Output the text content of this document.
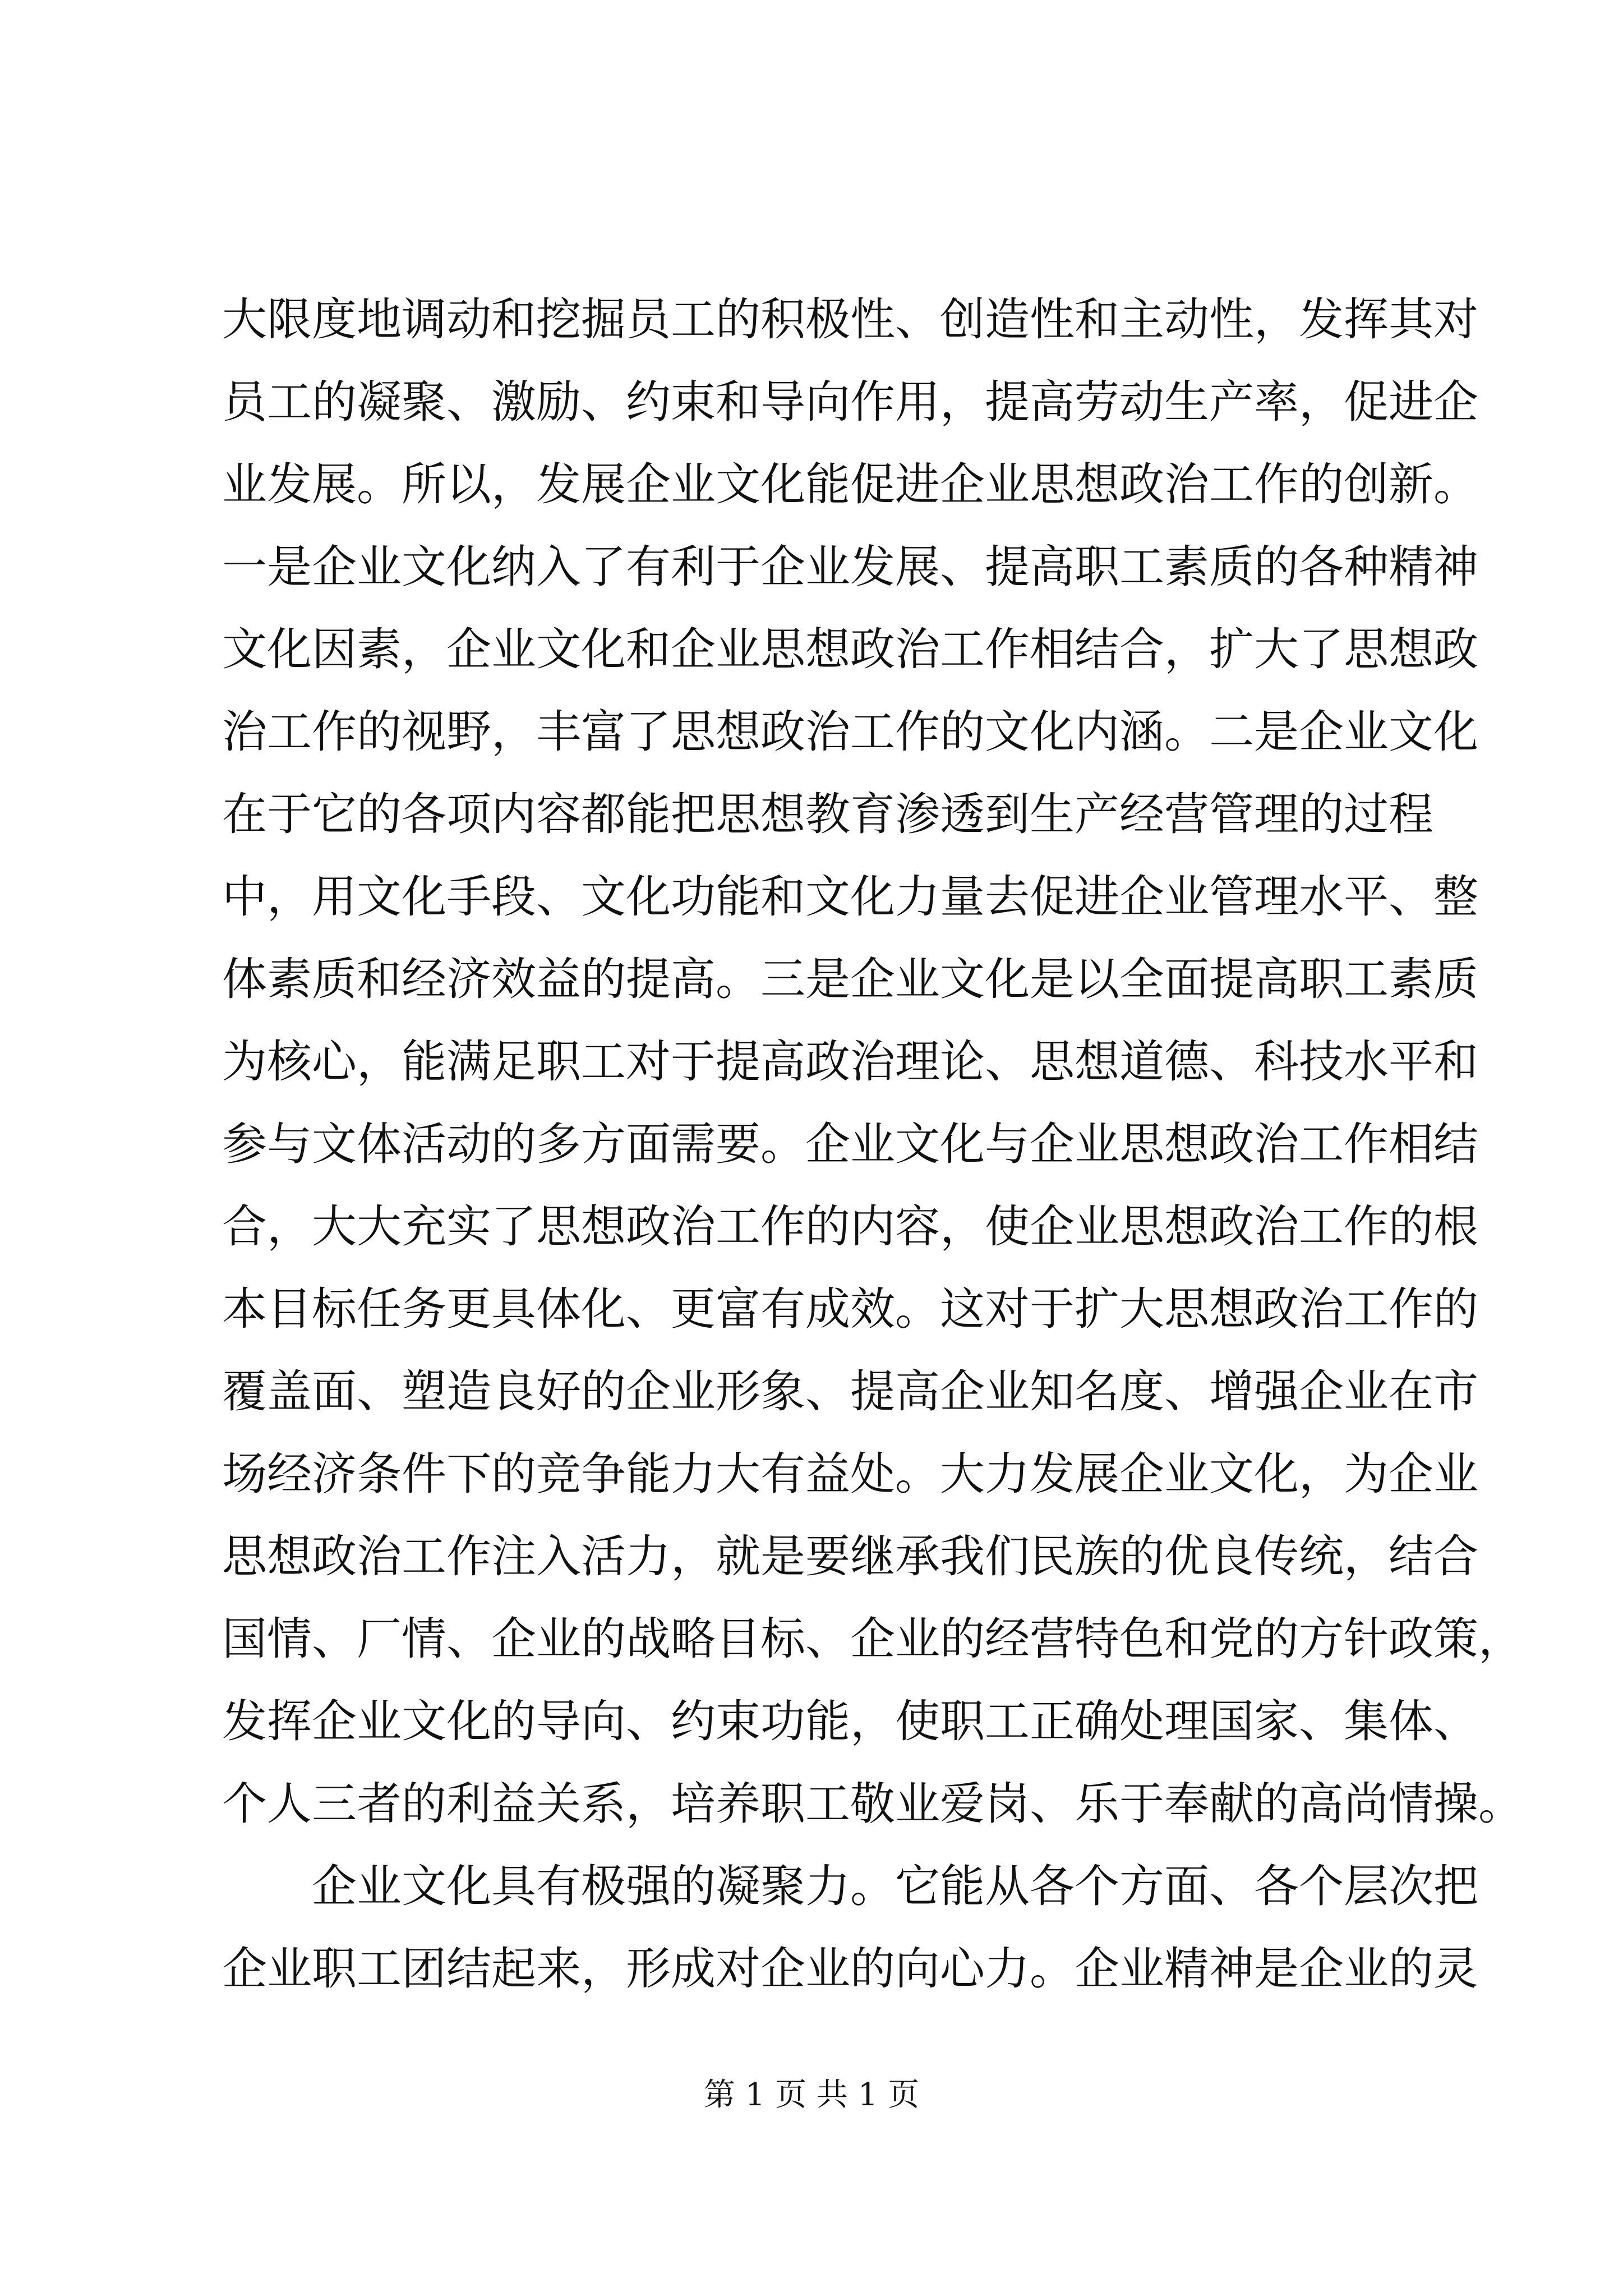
大限度地调动和挖掘员工的积极性、创造性和主动性，发挥其对
员工的凝聚、激励、约束和导向作用，提高劳动生产率，促进企
业发展。所以，发展企业文化能促进企业思想政治工作的创新。
一是企业文化纳入了有利于企业发展、提高职工素质的各种精神
文化因素，企业文化和企业思想政治工作相结合，扩大了思想政
治工作的视野，丰富了思想政治工作的文化内涵。二是企业文化
在于它的各项内容都能把思想教育渗透到生产经营管理的过程
中，用文化手段、文化功能和文化力量去促进企业管理水平、整
体素质和经济效益的提高。三是企业文化是以全面提高职工素质
为核心，能满足职工对于提高政治理论、思想道德、科技水平和
参与文体活动的多方面需要。企业文化与企业思想政治工作相结
合，大大充实了思想政治工作的内容，使企业思想政治工作的根
本目标任务更具体化、更富有成效。这对于扩大思想政治工作的
覆盖面、塑造良好的企业形象、提高企业知名度、增强企业在市
场经济条件下的竞争能力大有益处。大力发展企业文化，为企业
思想政治工作注入活力，就是要继承我们民族的优良传统，结合
国情、厂情、企业的战略目标、企业的经营特色和党的方针政策，
发挥企业文化的导向、约束功能，使职工正确处理国家、集体、
个人三者的利益关系，培养职工敬业爱岗、乐于奉献的高尚情操。
企业文化具有极强的凝聚力。它能从各个方面、各个层次把
企业职工团结起来，形成对企业的向心力。企业精神是企业的灵
第 1 页 共 1 页
